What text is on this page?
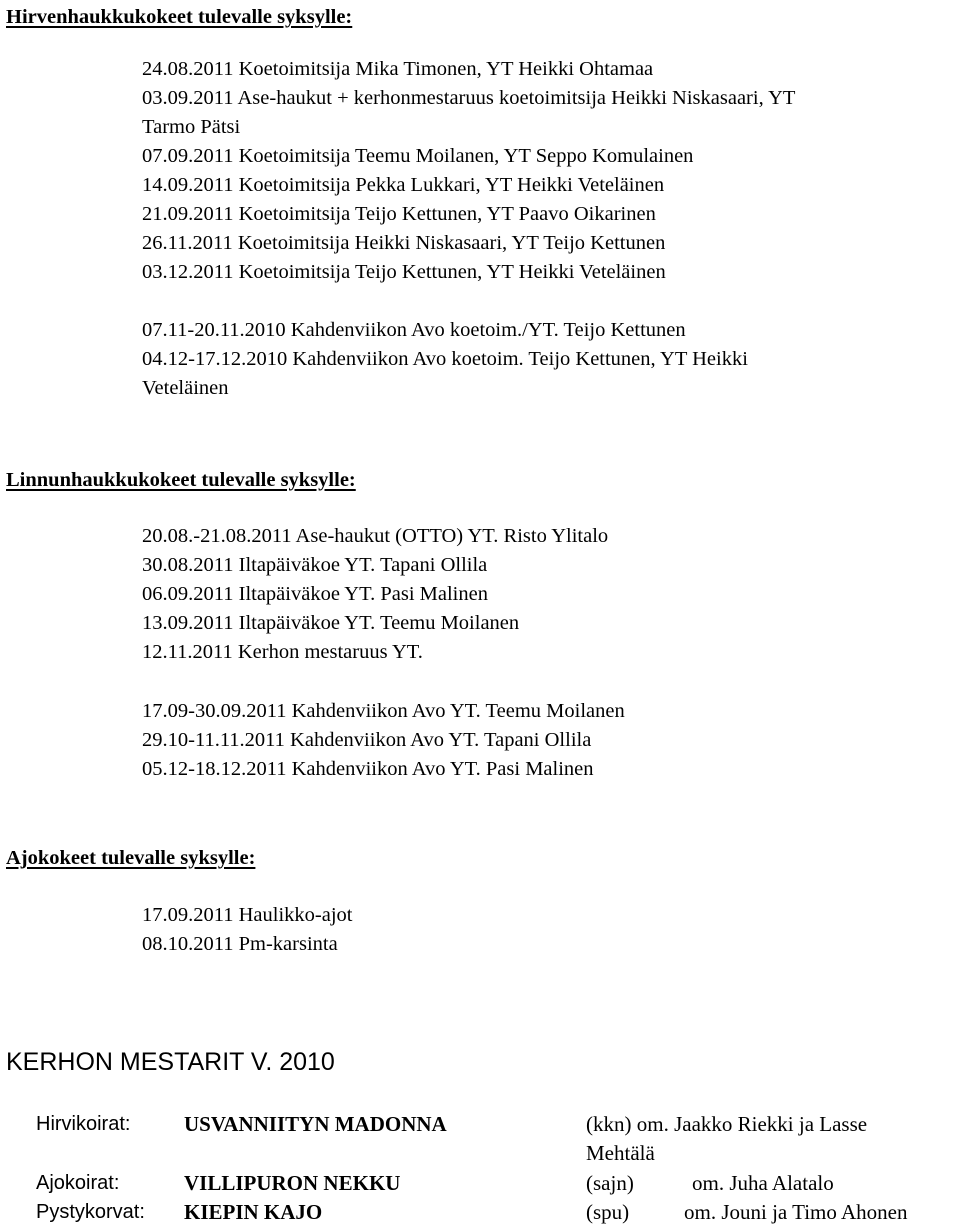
Hirvenhaukkukokeet tulevalle syksylle:
24.08.2011 Koetoimitsija Mika Timonen, YT Heikki Ohtamaa
03.09.2011 Ase-haukut + kerhonmestaruus koetoimitsija Heikki Niskasaari, YT
Tarmo Pätsi
07.09.2011 Koetoimitsija Teemu Moilanen, YT Seppo Komulainen
14.09.2011 Koetoimitsija Pekka Lukkari, YT Heikki Veteläinen
21.09.2011 Koetoimitsija Teijo Kettunen, YT Paavo Oikarinen
26.11.2011 Koetoimitsija Heikki Niskasaari, YT Teijo Kettunen
03.12.2011 Koetoimitsija Teijo Kettunen, YT Heikki Veteläinen
07.11-20.11.2010 Kahdenviikon Avo koetoim./YT. Teijo Kettunen
04.12-17.12.2010 Kahdenviikon Avo koetoim. Teijo Kettunen, YT Heikki
Veteläinen
Linnunhaukkukokeet tulevalle syksylle:
20.08.-21.08.2011 Ase-haukut (OTTO) YT. Risto Ylitalo
30.08.2011 Iltapäiväkoe YT. Tapani Ollila
06.09.2011 Iltapäiväkoe YT. Pasi Malinen
13.09.2011 Iltapäiväkoe YT. Teemu Moilanen
12.11.2011 Kerhon mestaruus YT.
17.09-30.09.2011 Kahdenviikon Avo YT. Teemu Moilanen
29.10-11.11.2011 Kahdenviikon Avo YT. Tapani Ollila
05.12-18.12.2011 Kahdenviikon Avo YT. Pasi Malinen
Ajokokeet tulevalle syksylle:
17.09.2011 Haulikko-ajot
08.10.2011 Pm-karsinta
KERHON MESTARIT V. 2010
Hirvikoirat:	USVANNIITYN MADONNA	(kkn) om. Jaakko Riekki ja Lasse
Mehtälä
Ajokoirat:	VILLIPURON NEKKU	(sajn)	om. Juha Alatalo
Pystykorvat: KIEPIN KAJO	(spu)	om. Jouni ja Timo Ahonen
